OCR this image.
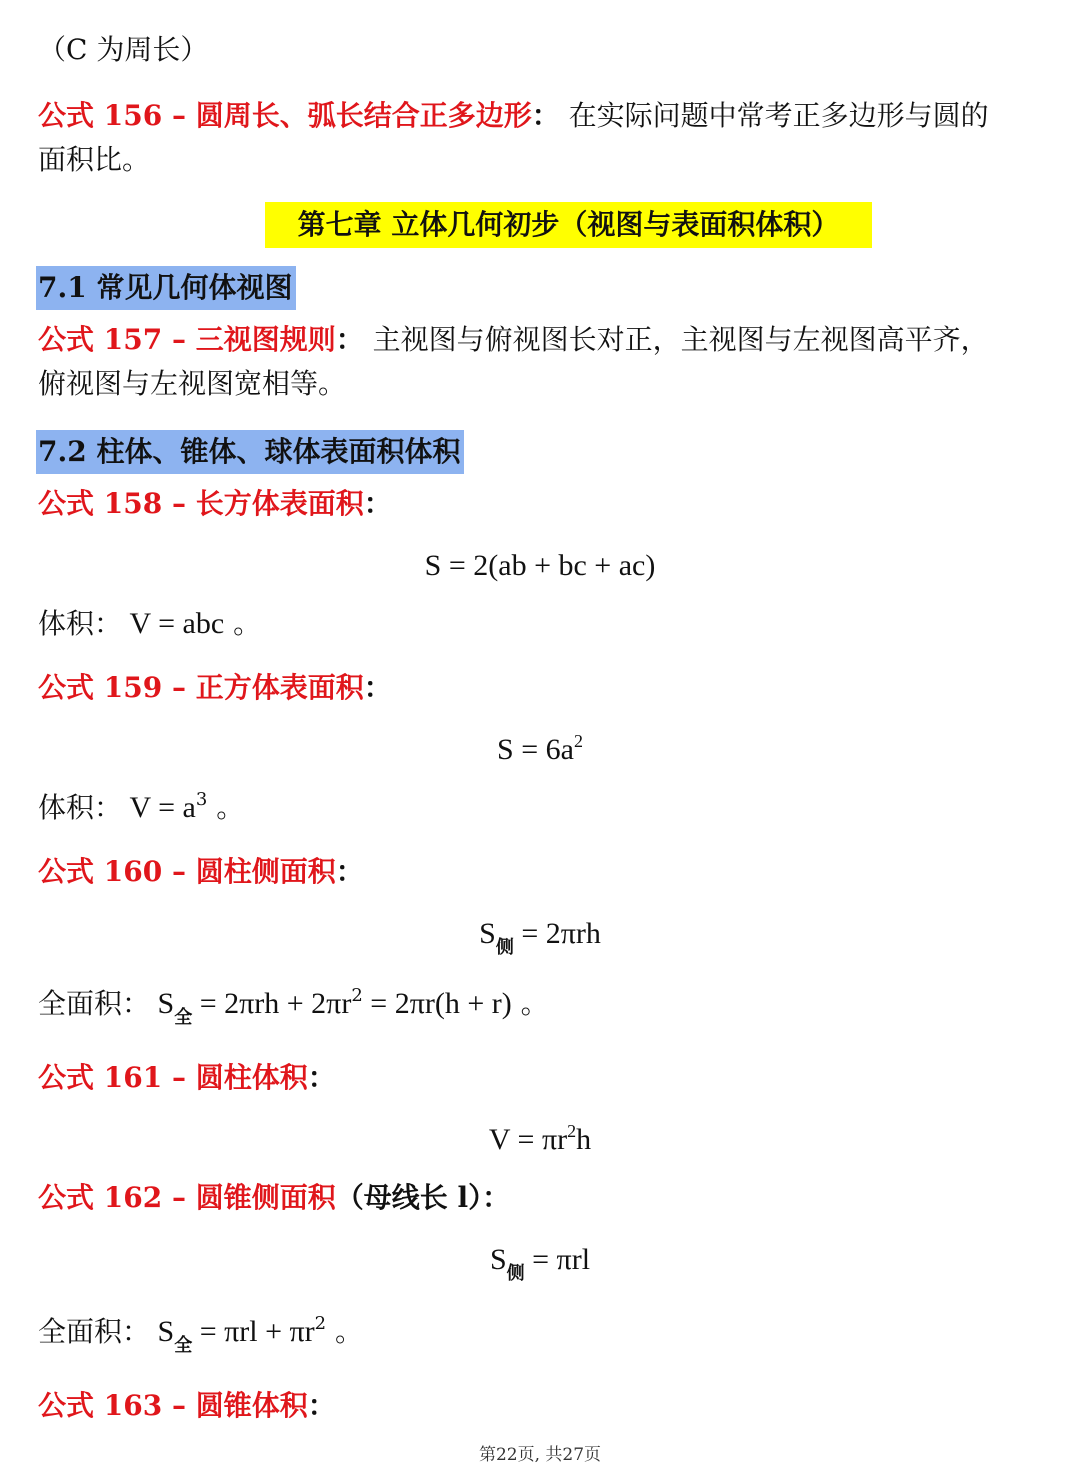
（C 为周长）
公式 156 – 圆周长、弧长结合正多边形： 在实际问题中常考正多边形与圆的
面积比。
第七章 立体几何初步（视图与表面积体积）
7.1 常见几何体视图
公式 157 – 三视图规则： 主视图与俯视图长对正，主视图与左视图高平齐，
俯视图与左视图宽相等。
7.2 柱体、锥体、球体表面积体积
公式 158 – 长方体表面积：
S = 2(ab + bc + ac)
体积： V = abc 。
公式 159 – 正方体表面积：
$S = 6a^2$
体积： $V = a^3$ 。
公式 160 – 圆柱侧面积：
$S_侧 = 2\pi rh$
全面积： $S_全 = 2\pi rh + 2\pi r^2 = 2\pi r(h + r)$ 。
公式 161 – 圆柱体积：
$V = \pi r^2h$
公式 162 – 圆锥侧面积（母线长 l）：
$S_侧 = \pi rl$
全面积： $S_全 = \pi rl + \pi r^2$ 。
公式 163 – 圆锥体积：
第22页, 共27页
